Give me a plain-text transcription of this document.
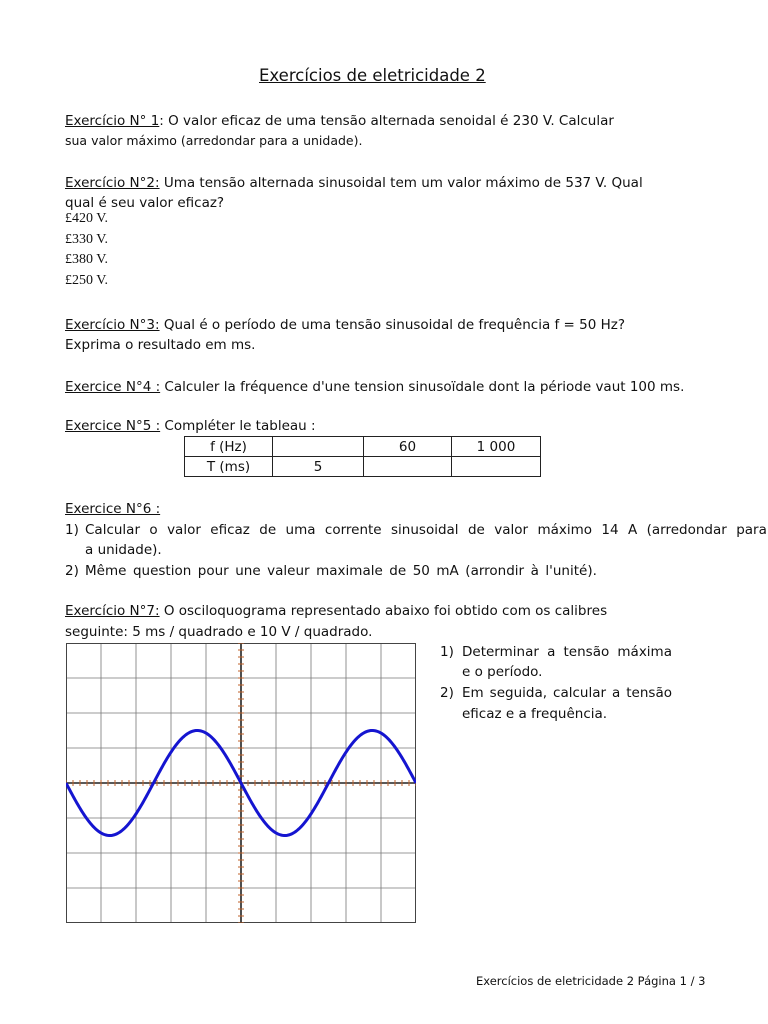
Exercícios de eletricidade 2
Exercício N° 1: O valor eficaz de uma tensão alternada senoidal é 230 V. Calcular
sua valor máximo (arredondar para a unidade).
Exercício N°2: Uma tensão alternada sinusoidal tem um valor máximo de 537 V. Qual
qual é seu valor eficaz?
£420 V.
£330 V.
£380 V.
£250 V.
Exercício N°3: Qual é o período de uma tensão sinusoidal de frequência f = 50 Hz?
Exprima o resultado em ms.
Exercice N°4 : Calculer la fréquence d'une tension sinusoïdale dont la période vaut 100 ms.
Exercice N°5 : Compléter le tableau :
f (Hz)		60	1 000
T (ms)	5		
Exercice N°6 :
1) Calcular o valor eficaz de uma corrente sinusoidal de valor máximo 14 A (arredondar para
a unidade).
2) Même question pour une valeur maximale de 50 mA (arrondir à l'unité).
Exercício N°7: O osciloquograma representado abaixo foi obtido com os calibres
seguinte: 5 ms / quadrado e 10 V / quadrado.
1) Determinar a tensão máxima
e o período.
2) Em seguida, calcular a tensão
eficaz e a frequência.
Exercícios de eletricidade 2 Página 1 / 3
